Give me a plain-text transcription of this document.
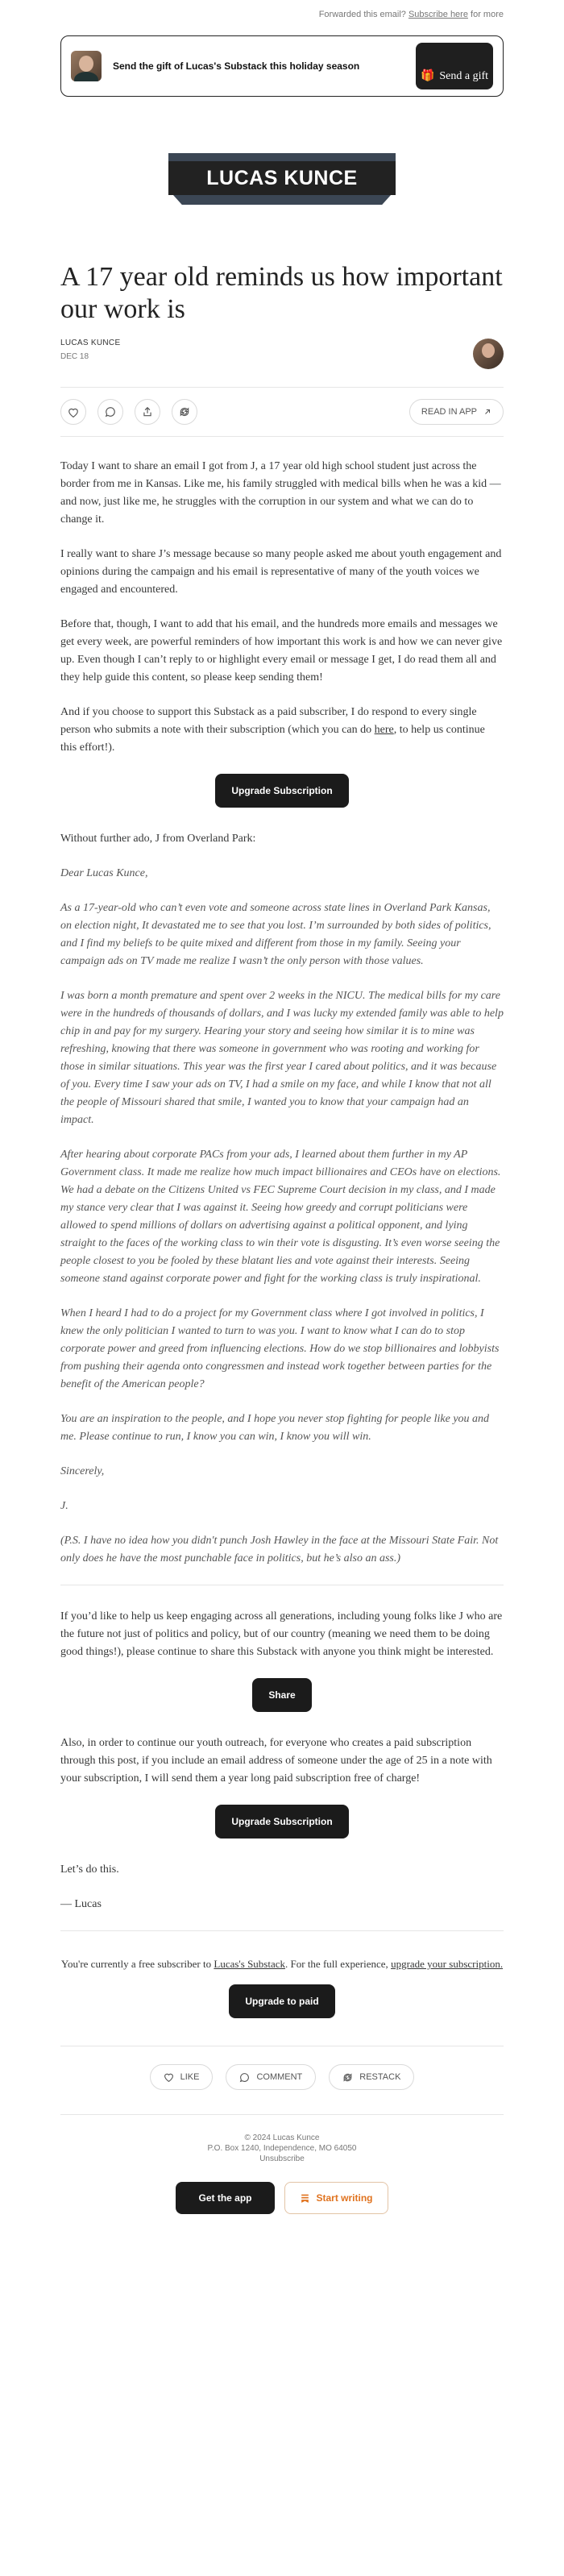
Forwarded this email? Subscribe here for more
Send the gift of Lucas's Substack this holiday season
🎁 Send a gift
LUCAS KUNCE
A 17 year old reminds us how important our work is
LUCAS KUNCE
DEC 18
READ IN APP

Today I want to share an email I got from J, a 17 year old high school student just across the border from me in Kansas. Like me, his family struggled with medical bills when he was a kid — and now, just like me, he struggles with the corruption in our system and what we can do to change it.

I really want to share J’s message because so many people asked me about youth engagement and opinions during the campaign and his email is representative of many of the youth voices we engaged and encountered.

Before that, though, I want to add that his email, and the hundreds more emails and messages we get every week, are powerful reminders of how important this work is and how we can never give up. Even though I can’t reply to or highlight every email or message I get, I do read them all and they help guide this content, so please keep sending them!

And if you choose to support this Substack as a paid subscriber, I do respond to every single person who submits a note with their subscription (which you can do here, to help us continue this effort!).

Upgrade Subscription

Without further ado, J from Overland Park:

Dear Lucas Kunce,

As a 17-year-old who can’t even vote and someone across state lines in Overland Park Kansas, on election night, It devastated me to see that you lost. I’m surrounded by both sides of politics, and I find my beliefs to be quite mixed and different from those in my family. Seeing your campaign ads on TV made me realize I wasn’t the only person with those values.

I was born a month premature and spent over 2 weeks in the NICU. The medical bills for my care were in the hundreds of thousands of dollars, and I was lucky my extended family was able to help chip in and pay for my surgery. Hearing your story and seeing how similar it is to mine was refreshing, knowing that there was someone in government who was rooting and working for those in similar situations. This year was the first year I cared about politics, and it was because of you. Every time I saw your ads on TV, I had a smile on my face, and while I know that not all the people of Missouri shared that smile, I wanted you to know that your campaign had an impact.

After hearing about corporate PACs from your ads, I learned about them further in my AP Government class. It made me realize how much impact billionaires and CEOs have on elections. We had a debate on the Citizens United vs FEC Supreme Court decision in my class, and I made my stance very clear that I was against it. Seeing how greedy and corrupt politicians were allowed to spend millions of dollars on advertising against a political opponent, and lying straight to the faces of the working class to win their vote is disgusting. It’s even worse seeing the people closest to you be fooled by these blatant lies and vote against their interests. Seeing someone stand against corporate power and fight for the working class is truly inspirational.

When I heard I had to do a project for my Government class where I got involved in politics, I knew the only politician I wanted to turn to was you. I want to know what I can do to stop corporate power and greed from influencing elections. How do we stop billionaires and lobbyists from pushing their agenda onto congressmen and instead work together between parties for the benefit of the American people?

You are an inspiration to the people, and I hope you never stop fighting for people like you and me. Please continue to run, I know you can win, I know you will win.

Sincerely,

J.

(P.S. I have no idea how you didn't punch Josh Hawley in the face at the Missouri State Fair. Not only does he have the most punchable face in politics, but he’s also an ass.)

If you’d like to help us keep engaging across all generations, including young folks like J who are the future not just of politics and policy, but of our country (meaning we need them to be doing good things!), please continue to share this Substack with anyone you think might be interested.

Share

Also, in order to continue our youth outreach, for everyone who creates a paid subscription through this post, if you include an email address of someone under the age of 25 in a note with your subscription, I will send them a year long paid subscription free of charge!

Upgrade Subscription

Let’s do this.

— Lucas

You're currently a free subscriber to Lucas's Substack. For the full experience, upgrade your subscription.
Upgrade to paid
LIKE	COMMENT	RESTACK
© 2024 Lucas Kunce
P.O. Box 1240, Independence, MO 64050
Unsubscribe
Get the app	Start writing
